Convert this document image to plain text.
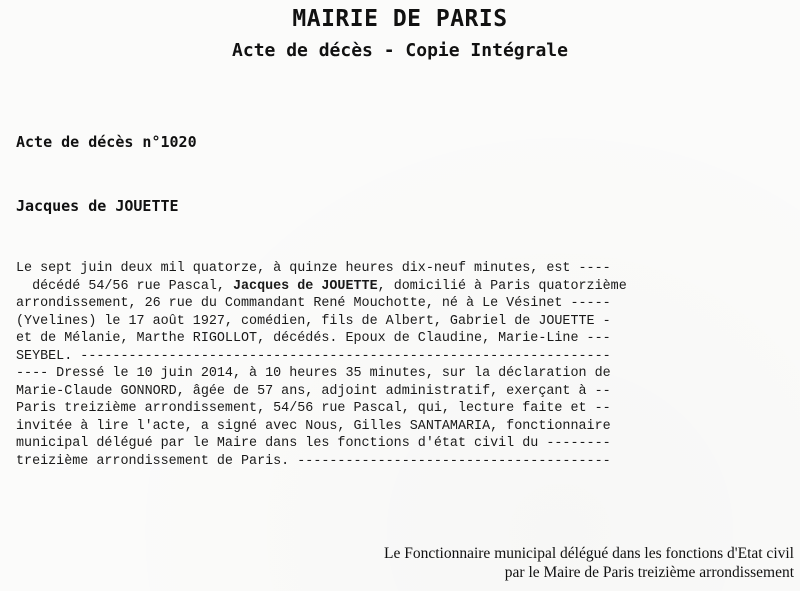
MAIRIE DE PARIS
Acte de décès - Copie Intégrale
Acte de décès n°1020
Jacques de JOUETTE
Le sept juin deux mil quatorze, à quinze heures dix-neuf minutes, est ----
décédé 54/56 rue Pascal, Jacques de JOUETTE, domicilié à Paris quatorzième
arrondissement, 26 rue du Commandant René Mouchotte, né à Le Vésinet -----
(Yvelines) le 17 août 1927, comédien, fils de Albert, Gabriel de JOUETTE -
et de Mélanie, Marthe RIGOLLOT, décédés. Epoux de Claudine, Marie-Line ---
SEYBEL. ------------------------------------------------------------------
---- Dressé le 10 juin 2014, à 10 heures 35 minutes, sur la déclaration de
Marie-Claude GONNORD, âgée de 57 ans, adjoint administratif, exerçant à --
Paris treizième arrondissement, 54/56 rue Pascal, qui, lecture faite et --
invitée à lire l'acte, a signé avec Nous, Gilles SANTAMARIA, fonctionnaire
municipal délégué par le Maire dans les fonctions d'état civil du --------
treizième arrondissement de Paris. ---------------------------------------
Le Fonctionnaire municipal délégué dans les fonctions d'Etat civil
par le Maire de Paris treizième arrondissement
